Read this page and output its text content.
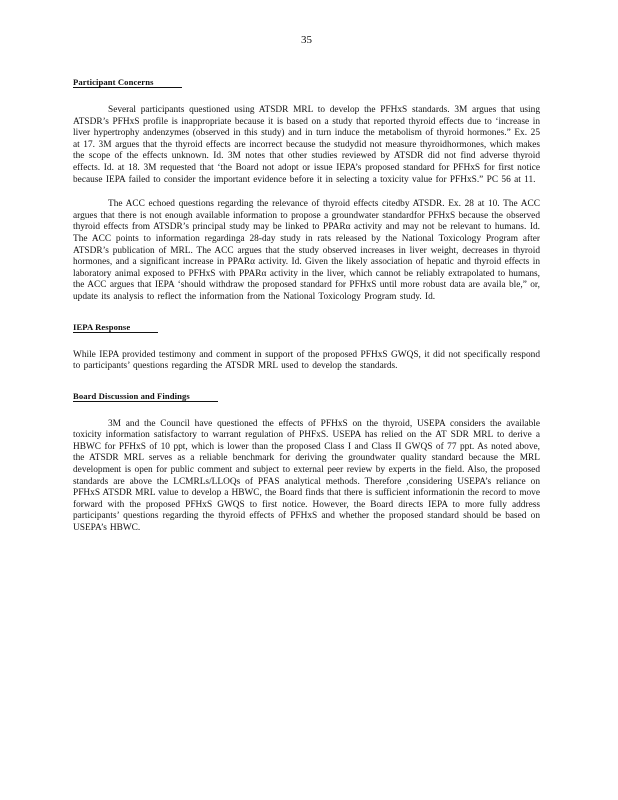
35
Participant Concerns

Several participants questioned using ATSDR MRL to develop the PFHxS standards. 3M argues that using ATSDR’s PFHxS profile is inappropriate because it is based on a study that reported thyroid effects due to ‘increase in liver hypertrophy andenzymes (observed in this study) and in turn induce the metabolism of thyroid hormones.” Ex. 25 at 17. 3M argues that the thyroid effects are incorrect because the studydid not measure thyroidhormones, which makes the scope of the effects unknown. Id. 3M notes that other studies reviewed by ATSDR did not find adverse thyroid effects. Id. at 18. 3M requested that ‘the Board not adopt or issue IEPA’s proposed standard for PFHxS for first notice because IEPA failed to consider the important evidence before it in selecting a toxicity value for PFHxS.” PC 56 at 11.

The ACC echoed questions regarding the relevance of thyroid effects citedby ATSDR. Ex. 28 at 10. The ACC argues that there is not enough available information to propose a groundwater standardfor PFHxS because the observed thyroid effects from ATSDR’s principal study may be linked to PPARα activity and may not be relevant to humans. Id. The ACC points to information regardinga 28-day study in rats released by the National Toxicology Program after ATSDR’s publication of MRL. The ACC argues that the study observed increases in liver weight, decreases in thyroid hormones, and a significant increase in PPARα activity. Id. Given the likely association of hepatic and thyroid effects in laboratory animal exposed to PFHxS with PPARα activity in the liver, which cannot be reliably extrapolated to humans, the ACC argues that IEPA ‘should withdraw the proposed standard for PFHxS until more robust data are availa ble,” or, update its analysis to reflect the information from the National Toxicology Program study. Id.

IEPA Response

While IEPA provided testimony and comment in support of the proposed PFHxS GWQS, it did not specifically respond to participants’ questions regarding the ATSDR MRL used to develop the standards.

Board Discussion and Findings

3M and the Council have questioned the effects of PFHxS on the thyroid, USEPA considers the available toxicity information satisfactory to warrant regulation of PHFxS. USEPA has relied on the AT SDR MRL to derive a HBWC for PFHxS of 10 ppt, which is lower than the proposed Class I and Class II GWQS of 77 ppt. As noted above, the ATSDR MRL serves as a reliable benchmark for deriving the groundwater quality standard because the MRL development is open for public comment and subject to external peer review by experts in the field. Also, the proposed standards are above the LCMRLs/LLOQs of PFAS analytical methods. Therefore ,considering USEPA’s reliance on PFHxS ATSDR MRL value to develop a HBWC, the Board finds that there is sufficient informationin the record to move forward with the proposed PFHxS GWQS to first notice. However, the Board directs IEPA to more fully address participants’ questions regarding the thyroid effects of PFHxS and whether the proposed standard should be based on USEPA’s HBWC.
